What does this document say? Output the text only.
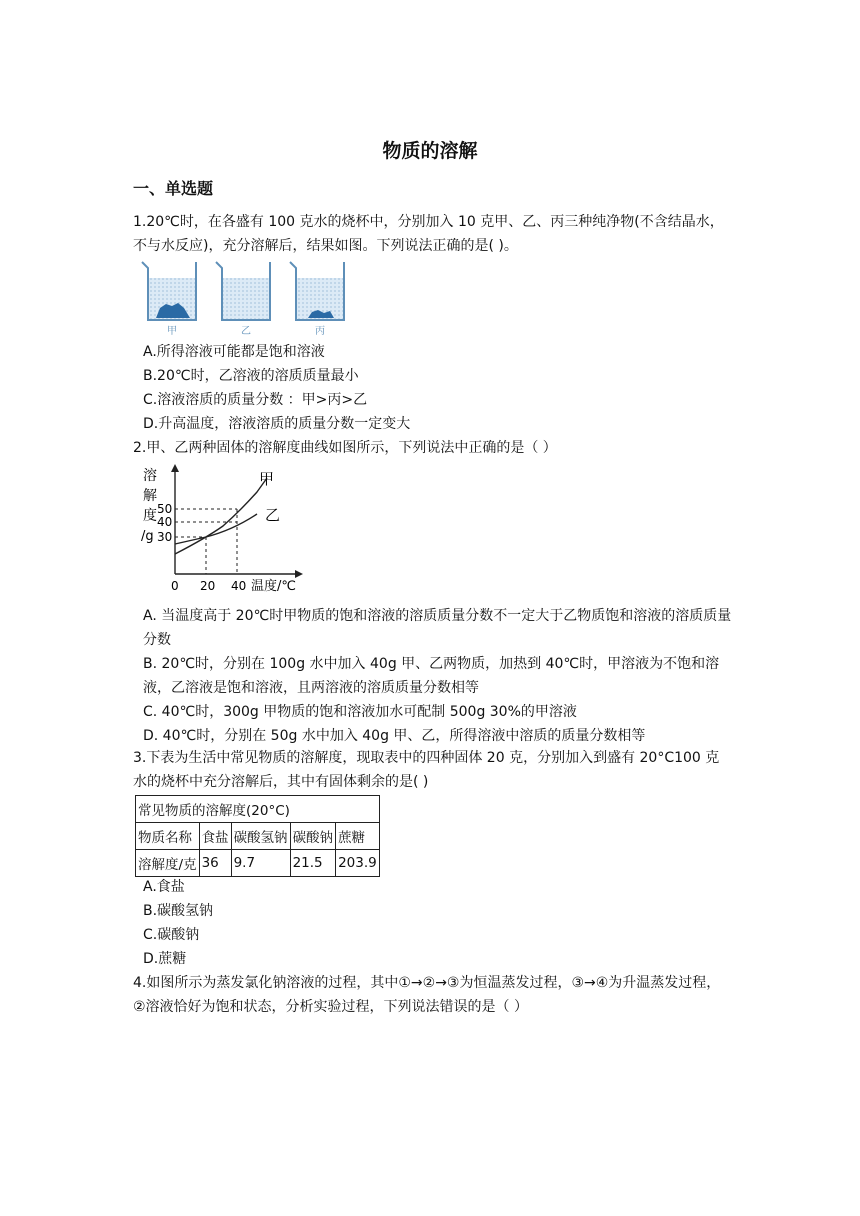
物质的溶解
一、单选题
1.20℃时，在各盛有 100 克水的烧杯中，分别加入 10 克甲、乙、丙三种纯净物(不含结晶水，不与水反应)，充分溶解后，结果如图。下列说法正确的是( )。
甲	乙	丙
A.所得溶液可能都是饱和溶液
B.20℃时，乙溶液的溶质质量最小
C.溶液溶质的质量分数 ：甲>丙>乙
D.升高温度，溶液溶质的质量分数一定变大
2.甲、乙两种固体的溶解度曲线如图所示，下列说法中正确的是（ ）
溶
解
度
/g
50
40
30
0 20 40 温度/℃
甲
乙
A. 当温度高于 20℃时甲物质的饱和溶液的溶质质量分数不一定大于乙物质饱和溶液的溶质质量分数
B. 20℃时，分别在 100g 水中加入 40g 甲、乙两物质，加热到 40℃时，甲溶液为不饱和溶液，乙溶液是饱和溶液，且两溶液的溶质质量分数相等
C. 40℃时，300g 甲物质的饱和溶液加水可配制 500g 30%的甲溶液
D. 40℃时，分别在 50g 水中加入 40g 甲、乙，所得溶液中溶质的质量分数相等
3.下表为生活中常见物质的溶解度，现取表中的四种固体 20 克，分别加入到盛有 20°C100 克水的烧杯中充分溶解后，其中有固体剩余的是( )
常见物质的溶解度(20°C)				
物质名称	食盐	碳酸氢钠	碳酸钠	蔗糖
溶解度/克	36	9.7	21.5	203.9
A.食盐
B.碳酸氢钠
C.碳酸钠
D.蔗糖
4.如图所示为蒸发氯化钠溶液的过程，其中①→②→③为恒温蒸发过程，③→④为升温蒸发过程，②溶液恰好为饱和状态，分析实验过程，下列说法错误的是（ ）
